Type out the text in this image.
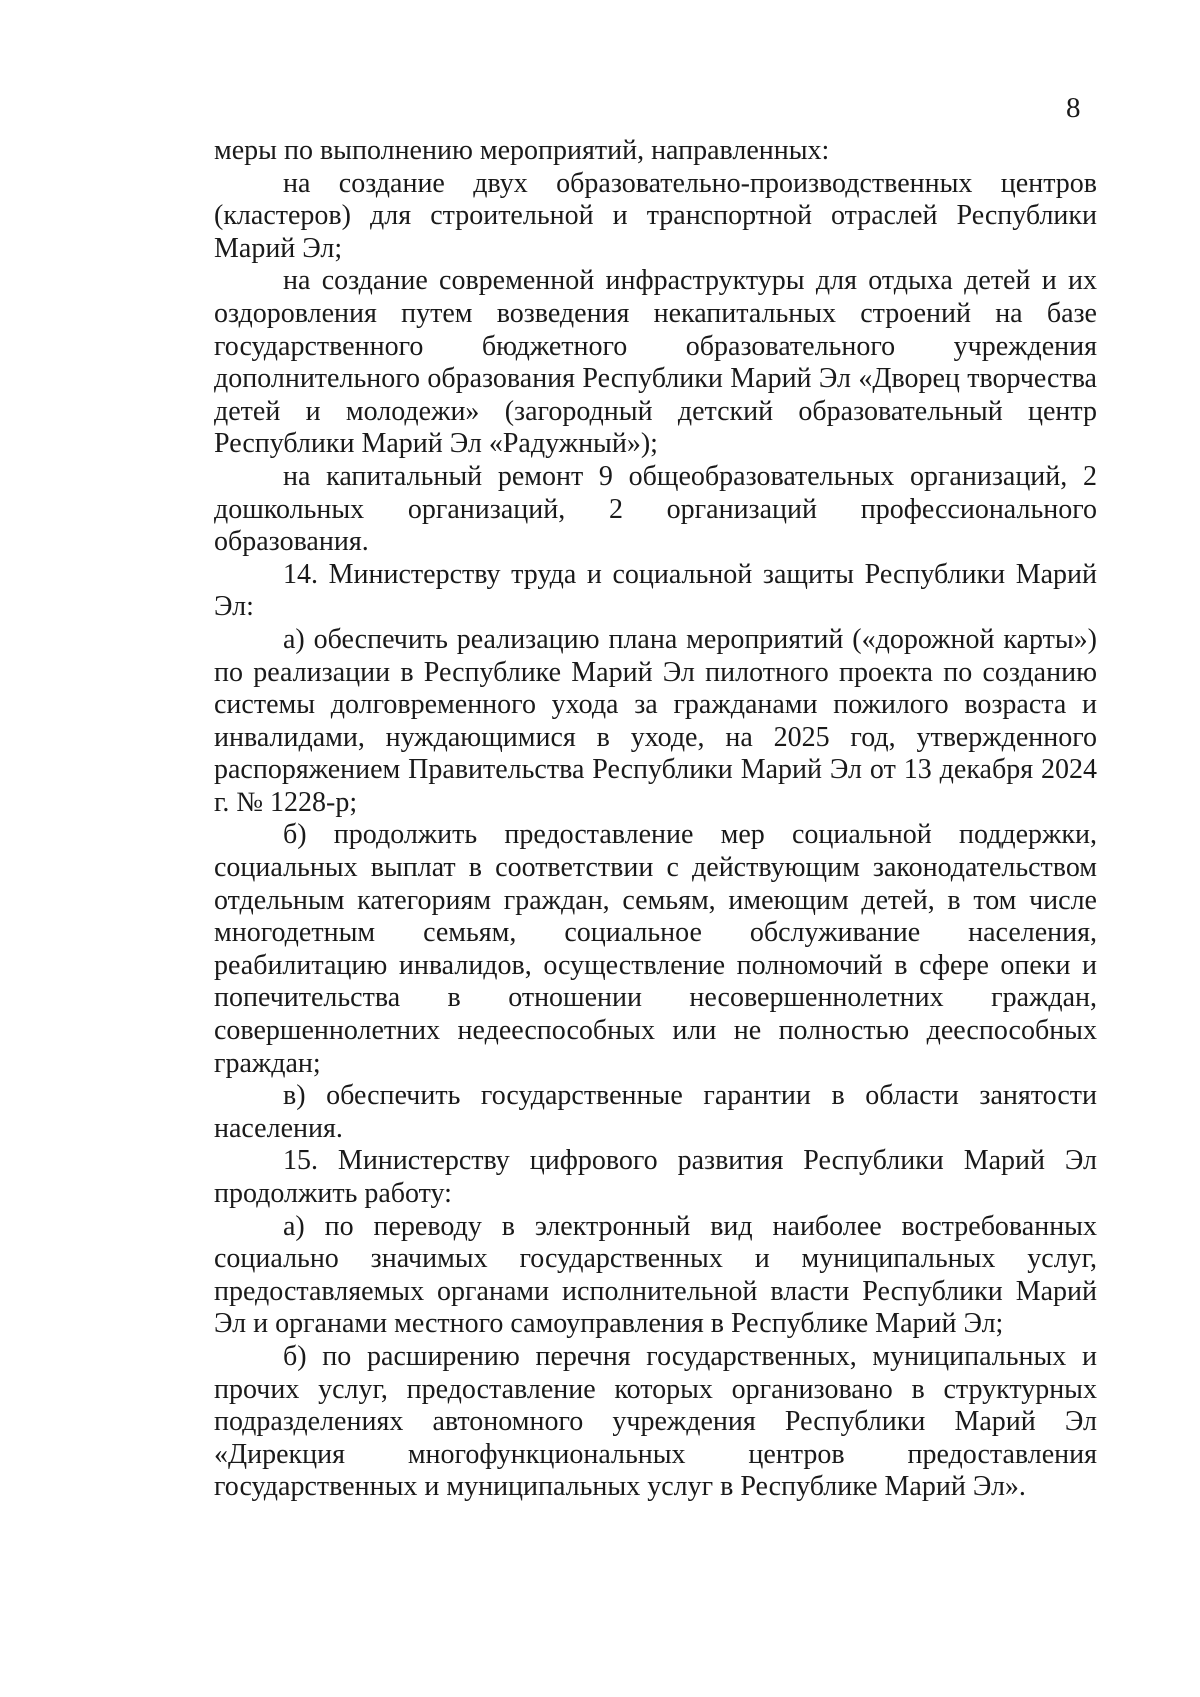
8

меры по выполнению мероприятий, направленных:

на создание двух образовательно-производственных центров (кластеров) для строительной и транспортной отраслей Республики Марий Эл;

на создание современной инфраструктуры для отдыха детей и их оздоровления путем возведения некапитальных строений на базе государственного бюджетного образовательного учреждения дополнительного образования Республики Марий Эл «Дворец творчества детей и молодежи» (загородный детский образовательный центр Республики Марий Эл «Радужный»);

на капитальный ремонт 9 общеобразовательных организаций, 2 дошкольных организаций, 2 организаций профессионального образования.

14. Министерству труда и социальной защиты Республики Марий Эл:

а) обеспечить реализацию плана мероприятий («дорожной карты») по реализации в Республике Марий Эл пилотного проекта по созданию системы долговременного ухода за гражданами пожилого возраста и инвалидами, нуждающимися в уходе, на 2025 год, утвержденного распоряжением Правительства Республики Марий Эл от 13 декабря 2024 г. № 1228-р;

б) продолжить предоставление мер социальной поддержки, социальных выплат в соответствии с действующим законодательством отдельным категориям граждан, семьям, имеющим детей, в том числе многодетным семьям, социальное обслуживание населения, реабилитацию инвалидов, осуществление полномочий в сфере опеки и попечительства в отношении несовершеннолетних граждан, совершеннолетних недееспособных или не полностью дееспособных граждан;

в) обеспечить государственные гарантии в области занятости населения.

15. Министерству цифрового развития Республики Марий Эл продолжить работу:

а) по переводу в электронный вид наиболее востребованных социально значимых государственных и муниципальных услуг, предоставляемых органами исполнительной власти Республики Марий Эл и органами местного самоуправления в Республике Марий Эл;

б) по расширению перечня государственных, муниципальных и прочих услуг, предоставление которых организовано в структурных подразделениях автономного учреждения Республики Марий Эл «Дирекция многофункциональных центров предоставления государственных и муниципальных услуг в Республике Марий Эл».
